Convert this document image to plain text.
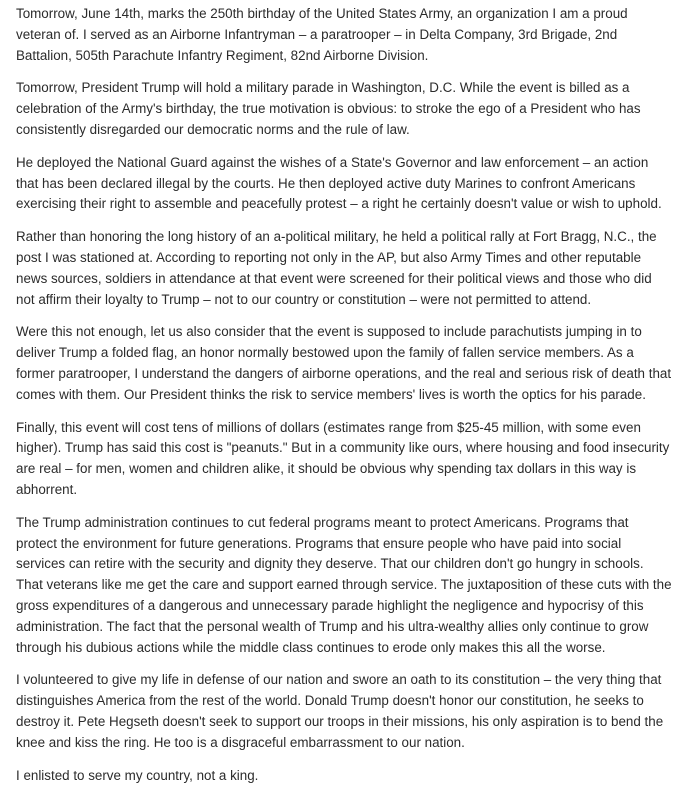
Tomorrow, June 14th, marks the 250th birthday of the United States Army, an organization I am a proud veteran of. I served as an Airborne Infantryman – a paratrooper – in Delta Company, 3rd Brigade, 2nd Battalion, 505th Parachute Infantry Regiment, 82nd Airborne Division.

Tomorrow, President Trump will hold a military parade in Washington, D.C. While the event is billed as a celebration of the Army's birthday, the true motivation is obvious: to stroke the ego of a President who has consistently disregarded our democratic norms and the rule of law.

He deployed the National Guard against the wishes of a State's Governor and law enforcement – an action that has been declared illegal by the courts. He then deployed active duty Marines to confront Americans exercising their right to assemble and peacefully protest – a right he certainly doesn't value or wish to uphold.

Rather than honoring the long history of an a-political military, he held a political rally at Fort Bragg, N.C., the post I was stationed at. According to reporting not only in the AP, but also Army Times and other reputable news sources, soldiers in attendance at that event were screened for their political views and those who did not affirm their loyalty to Trump – not to our country or constitution – were not permitted to attend.

Were this not enough, let us also consider that the event is supposed to include parachutists jumping in to deliver Trump a folded flag, an honor normally bestowed upon the family of fallen service members. As a former paratrooper, I understand the dangers of airborne operations, and the real and serious risk of death that comes with them. Our President thinks the risk to service members' lives is worth the optics for his parade.

Finally, this event will cost tens of millions of dollars (estimates range from $25-45 million, with some even higher). Trump has said this cost is "peanuts." But in a community like ours, where housing and food insecurity are real – for men, women and children alike, it should be obvious why spending tax dollars in this way is abhorrent.

The Trump administration continues to cut federal programs meant to protect Americans. Programs that protect the environment for future generations. Programs that ensure people who have paid into social services can retire with the security and dignity they deserve. That our children don't go hungry in schools. That veterans like me get the care and support earned through service. The juxtaposition of these cuts with the gross expenditures of a dangerous and unnecessary parade highlight the negligence and hypocrisy of this administration. The fact that the personal wealth of Trump and his ultra-wealthy allies only continue to grow through his dubious actions while the middle class continues to erode only makes this all the worse.

I volunteered to give my life in defense of our nation and swore an oath to its constitution – the very thing that distinguishes America from the rest of the world. Donald Trump doesn't honor our constitution, he seeks to destroy it. Pete Hegseth doesn't seek to support our troops in their missions, his only aspiration is to bend the knee and kiss the ring. He too is a disgraceful embarrassment to our nation.

I enlisted to serve my country, not a king.
